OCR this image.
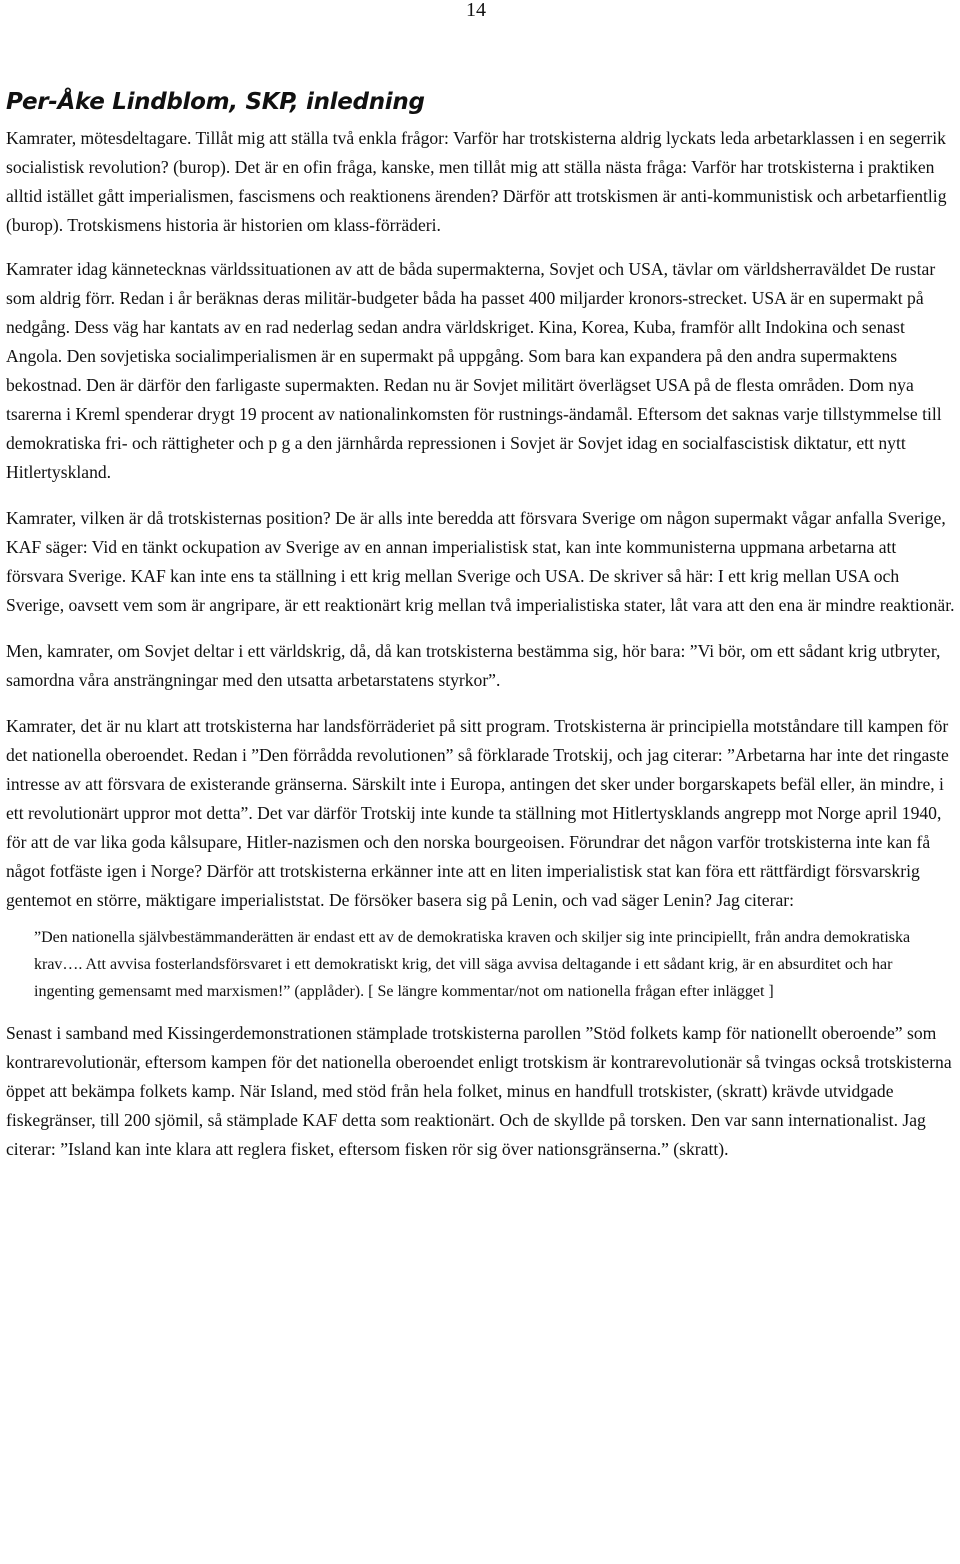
14
Per-Åke Lindblom, SKP, inledning

Kamrater, mötesdeltagare. Tillåt mig att ställa två enkla frågor: Varför har trotskisterna aldrig lyckats leda arbetarklassen i en segerrik socialistisk revolution? (burop). Det är en ofin fråga, kanske, men tillåt mig att ställa nästa fråga: Varför har trotskisterna i praktiken alltid istället gått imperialismen, fascismens och reaktionens ärenden? Därför att trotskismen är anti-kommunistisk och arbetarfientlig (burop). Trotskismens historia är historien om klass-förräderi.

Kamrater idag kännetecknas världssituationen av att de båda supermakterna, Sovjet och USA, tävlar om världsherraväldet De rustar som aldrig förr. Redan i år beräknas deras militär-budgeter båda ha passet 400 miljarder kronors-strecket. USA är en supermakt på nedgång. Dess väg har kantats av en rad nederlag sedan andra världskriget. Kina, Korea, Kuba, framför allt Indokina och senast Angola. Den sovjetiska socialimperialismen är en supermakt på uppgång. Som bara kan expandera på den andra supermaktens bekostnad. Den är därför den farligaste supermakten. Redan nu är Sovjet militärt överlägset USA på de flesta områden. Dom nya tsarerna i Kreml spenderar drygt 19 procent av nationalinkomsten för rustnings-ändamål. Eftersom det saknas varje tillstymmelse till demokratiska fri- och rättigheter och p g a den järnhårda repressionen i Sovjet är Sovjet idag en socialfascistisk diktatur, ett nytt Hitlertyskland.

Kamrater, vilken är då trotskisternas position? De är alls inte beredda att försvara Sverige om någon supermakt vågar anfalla Sverige, KAF säger: Vid en tänkt ockupation av Sverige av en annan imperialistisk stat, kan inte kommunisterna uppmana arbetarna att försvara Sverige. KAF kan inte ens ta ställning i ett krig mellan Sverige och USA. De skriver så här: I ett krig mellan USA och Sverige, oavsett vem som är angripare, är ett reaktionärt krig mellan två imperialistiska stater, låt vara att den ena är mindre reaktionär.

Men, kamrater, om Sovjet deltar i ett världskrig, då, då kan trotskisterna bestämma sig, hör bara: ”Vi bör, om ett sådant krig utbryter, samordna våra ansträngningar med den utsatta arbetarstatens styrkor”.

Kamrater, det är nu klart att trotskisterna har landsförräderiet på sitt program. Trotskisterna är principiella motståndare till kampen för det nationella oberoendet. Redan i ”Den förrådda revolutionen” så förklarade Trotskij, och jag citerar: ”Arbetarna har inte det ringaste intresse av att försvara de existerande gränserna. Särskilt inte i Europa, antingen det sker under borgarskapets befäl eller, än mindre, i ett revolutionärt uppror mot detta”. Det var därför Trotskij inte kunde ta ställning mot Hitlertysklands angrepp mot Norge april 1940, för att de var lika goda kålsupare, Hitler-nazismen och den norska bourgeoisen. Förundrar det någon varför trotskisterna inte kan få något fotfäste igen i Norge? Därför att trotskisterna erkänner inte att en liten imperialistisk stat kan föra ett rättfärdigt försvarskrig gentemot en större, mäktigare imperialiststat. De försöker basera sig på Lenin, och vad säger Lenin? Jag citerar:

”Den nationella självbestämmanderätten är endast ett av de demokratiska kraven och skiljer sig inte principiellt, från andra demokratiska krav…. Att avvisa fosterlandsförsvaret i ett demokratiskt krig, det vill säga avvisa deltagande i ett sådant krig, är en absurditet och har ingenting gemensamt med marxismen!” (applåder). [ Se längre kommentar/not om nationella frågan efter inlägget ]

Senast i samband med Kissingerdemonstrationen stämplade trotskisterna parollen ”Stöd folkets kamp för nationellt oberoende” som kontrarevolutionär, eftersom kampen för det nationella oberoendet enligt trotskism är kontrarevolutionär så tvingas också trotskisterna öppet att bekämpa folkets kamp. När Island, med stöd från hela folket, minus en handfull trotskister, (skratt) krävde utvidgade fiskegränser, till 200 sjömil, så stämplade KAF detta som reaktionärt. Och de skyllde på torsken. Den var sann internationalist. Jag citerar: ”Island kan inte klara att reglera fisket, eftersom fisken rör sig över nationsgränserna.” (skratt).
